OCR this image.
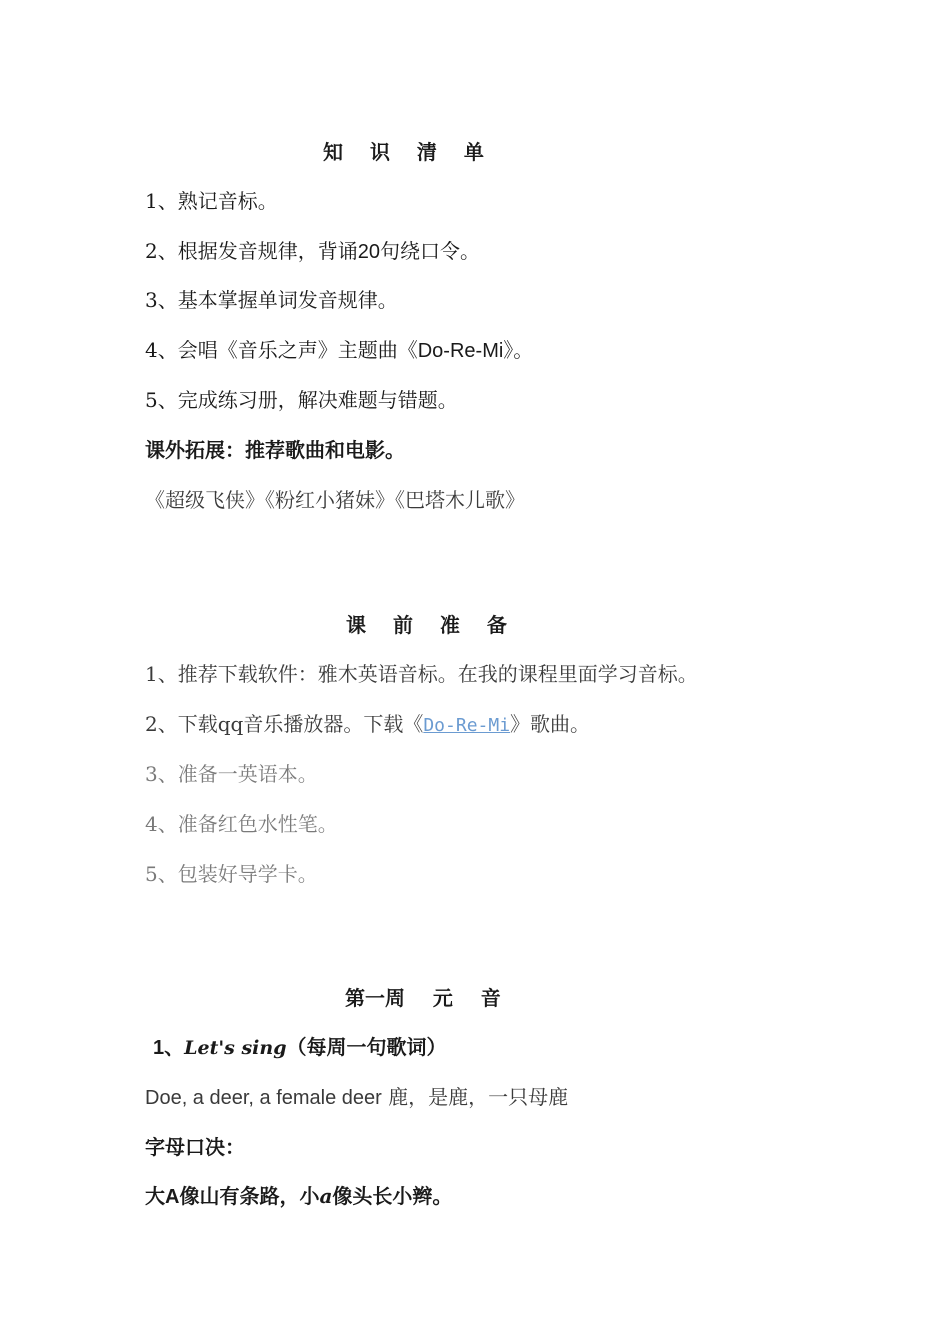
知 识 清 单
1、熟记音标。
2、根据发音规律，背诵20句绕口令。
3、基本掌握单词发音规律。
4、会唱《音乐之声》主题曲《Do-Re-Mi》。
5、完成练习册，解决难题与错题。
课外拓展：推荐歌曲和电影。
《超级飞侠》《粉红小猪妹》《巴塔木儿歌》
课 前 准 备
1、推荐下载软件：雅木英语音标。在我的课程里面学习音标。
2、下载qq音乐播放器。下载《Do-Re-Mi》歌曲。
3、准备一英语本。
4、准备红色水性笔。
5、包装好导学卡。
第一周    元    音
1、Let's sing（每周一句歌词）
Doe, a deer, a female deer 鹿，是鹿，一只母鹿
字母口决：
大A像山有条路，小a像头长小辫。
